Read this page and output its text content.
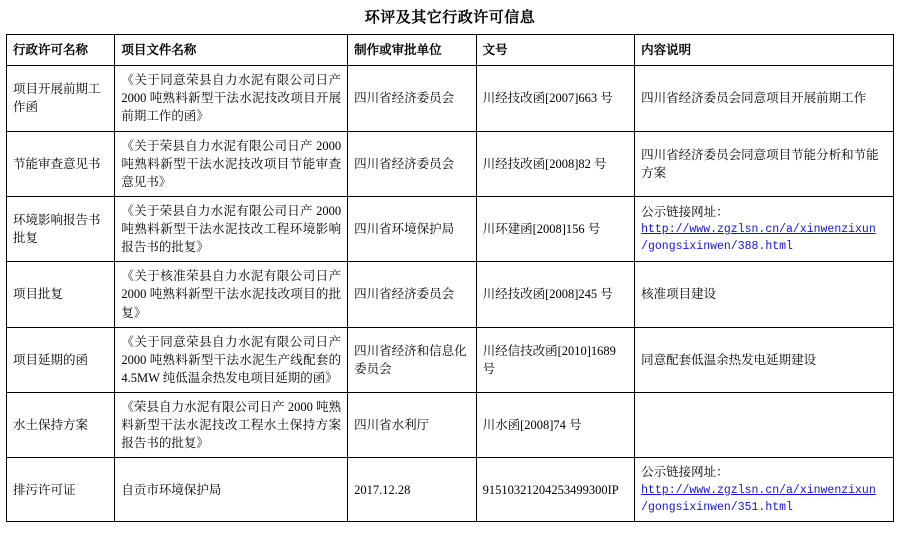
环评及其它行政许可信息
行政许可名称	项目文件名称	制作或审批单位	文号	内容说明
项目开展前期工作函	《关于同意荣县自力水泥有限公司日产 2000 吨熟料新型干法水泥技改项目开展前期工作的函》	四川省经济委员会	川经技改函[2007]663 号	四川省经济委员会同意项目开展前期工作
节能审查意见书	《关于荣县自力水泥有限公司日产 2000 吨熟料新型干法水泥技改项目节能审查意见书》	四川省经济委员会	川经技改函[2008]82 号	四川省经济委员会同意项目节能分析和节能方案
环境影响报告书批复	《关于荣县自力水泥有限公司日产 2000 吨熟料新型干法水泥技改工程环境影响报告书的批复》	四川省环境保护局	川环建函[2008]156 号	公示链接网址：
http://www.zgzlsn.cn/a/xinwenzixun
/gongsixinwen/388.html

项目批复	《关于核准荣县自力水泥有限公司日产 2000 吨熟料新型干法水泥技改项目的批复》	四川省经济委员会	川经技改函[2008]245 号	核准项目建设
项目延期的函	《关于同意荣县自力水泥有限公司日产 2000 吨熟料新型干法水泥生产线配套的 4.5MW 纯低温余热发电项目延期的函》	四川省经济和信息化委员会	川经信技改函[2010]1689 号	同意配套低温余热发电延期建设
水土保持方案	《荣县自力水泥有限公司日产 2000 吨熟料新型干法水泥技改工程水土保持方案报告书的批复》	四川省水利厅	川水函[2008]74 号	
排污许可证	自贡市环境保护局	2017.12.28	91510321204253499300IP	公示链接网址：
http://www.zgzlsn.cn/a/xinwenzixun
/gongsixinwen/351.html
